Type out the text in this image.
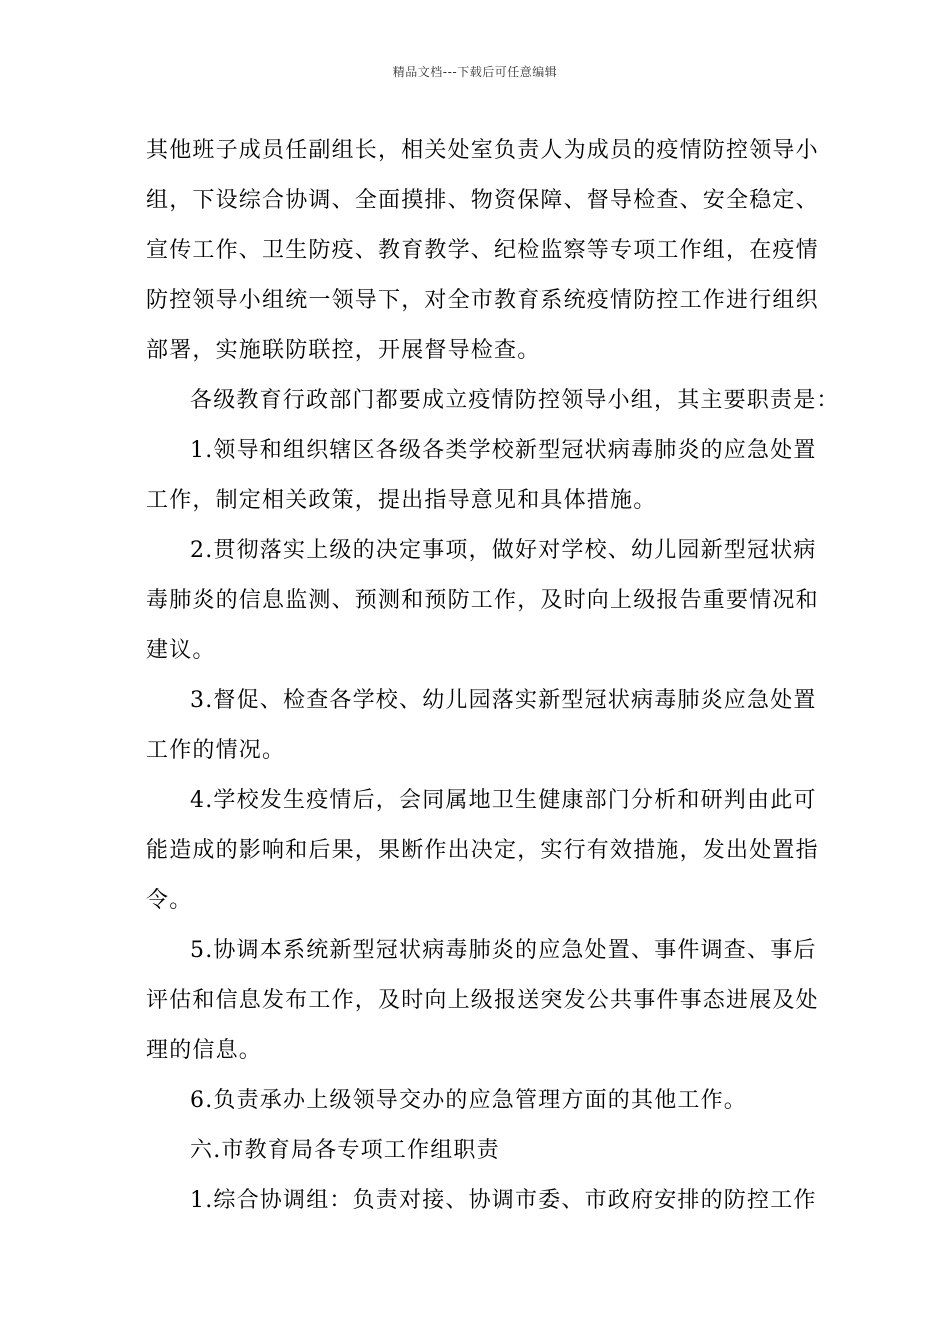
精品文档---下载后可任意编辑
其他班子成员任副组长，相关处室负责人为成员的疫情防控领导小
组，下设综合协调、全面摸排、物资保障、督导检查、安全稳定、
宣传工作、卫生防疫、教育教学、纪检监察等专项工作组，在疫情
防控领导小组统一领导下，对全市教育系统疫情防控工作进行组织
部署，实施联防联控，开展督导检查。
各级教育行政部门都要成立疫情防控领导小组，其主要职责是：
1.领导和组织辖区各级各类学校新型冠状病毒肺炎的应急处置
工作，制定相关政策，提出指导意见和具体措施。
2.贯彻落实上级的决定事项，做好对学校、幼儿园新型冠状病
毒肺炎的信息监测、预测和预防工作，及时向上级报告重要情况和
建议。
3.督促、检查各学校、幼儿园落实新型冠状病毒肺炎应急处置
工作的情况。
4.学校发生疫情后，会同属地卫生健康部门分析和研判由此可
能造成的影响和后果，果断作出决定，实行有效措施，发出处置指
令。
5.协调本系统新型冠状病毒肺炎的应急处置、事件调查、事后
评估和信息发布工作，及时向上级报送突发公共事件事态进展及处
理的信息。
6.负责承办上级领导交办的应急管理方面的其他工作。
六.市教育局各专项工作组职责
1.综合协调组：负责对接、协调市委、市政府安排的防控工作
